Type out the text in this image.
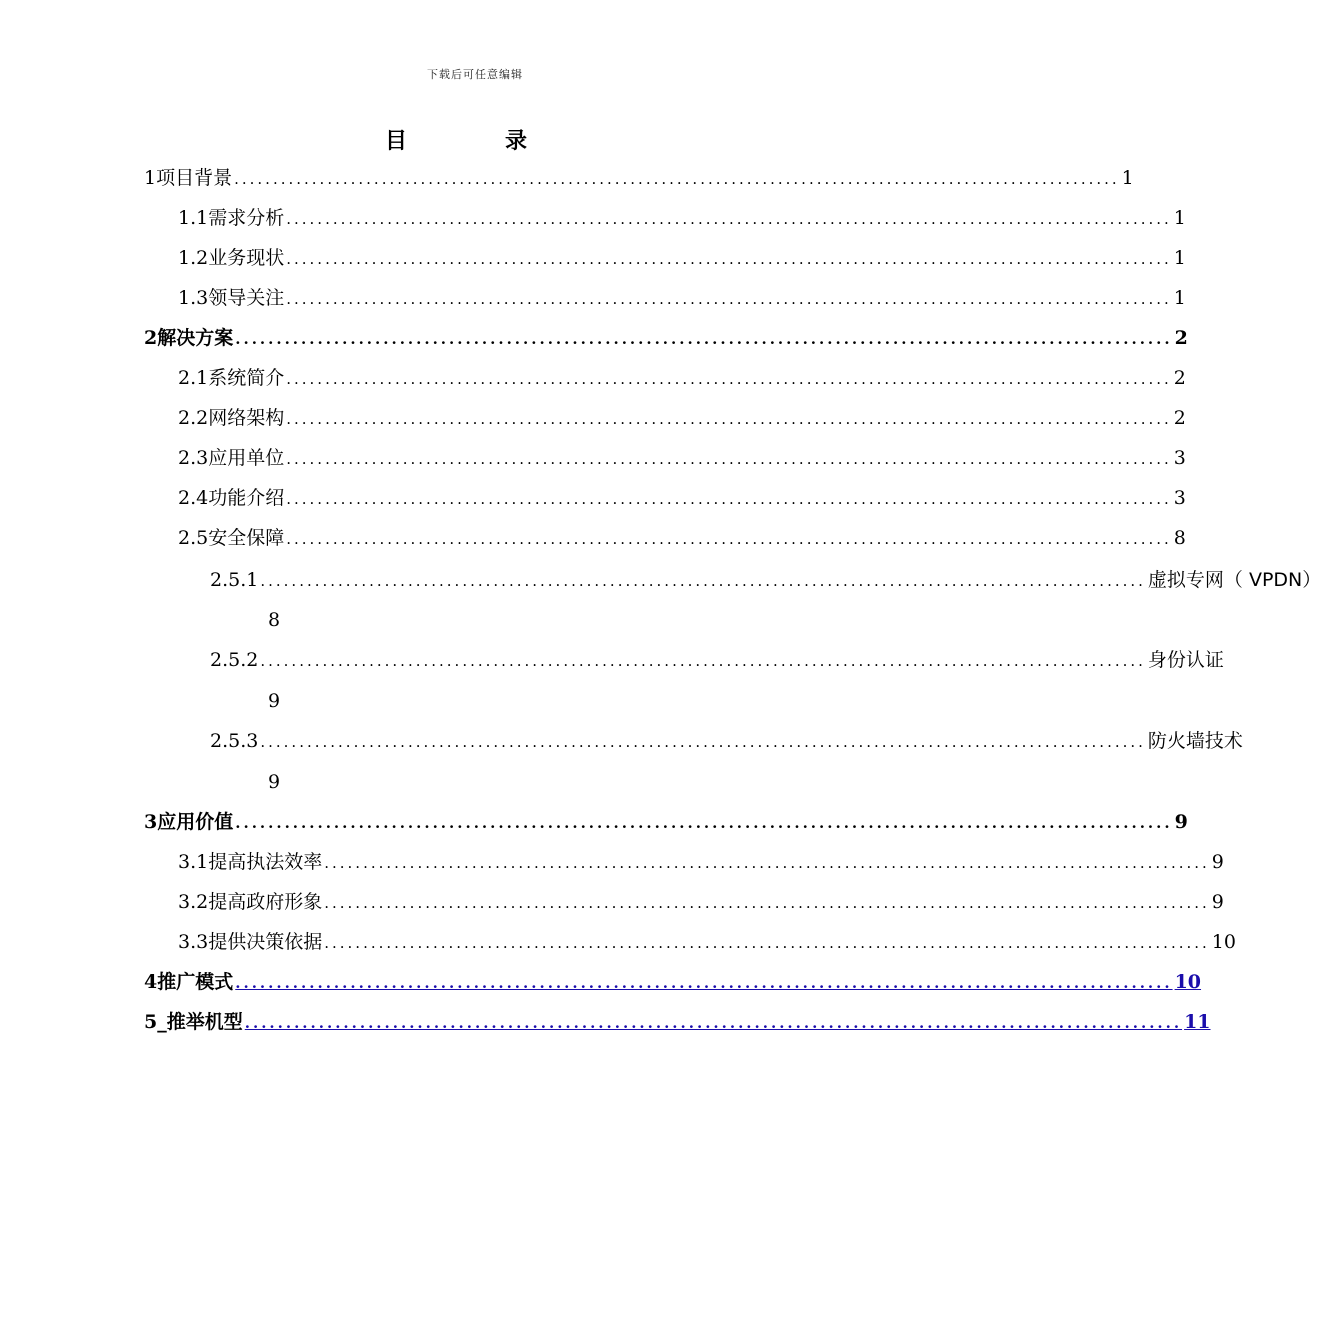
下载后可任意编辑
目　录
1 项目背景 .................................................................................................................. 1
1.1 需求分析 .................................................................................................................. 1
1.2 业务现状 .................................................................................................................. 1
1.3 领导关注 .................................................................................................................. 1
2 解决方案 .................................................................................................................. 2
2.1 系统简介 .................................................................................................................. 2
2.2 网络架构 .................................................................................................................. 2
2.3 应用单位 .................................................................................................................. 3
2.4 功能介绍 .................................................................................................................. 3
2.5 安全保障 .................................................................................................................. 8
2.5.1 .................................................................................................................. 虚拟专网（ VPDN）
8
2.5.2 .................................................................................................................. 身份认证
9
2.5.3 .................................................................................................................. 防火墙技术
9
3 应用价值 .................................................................................................................. 9
3.1 提高执法效率 .................................................................................................................. 9
3.2 提高政府形象 .................................................................................................................. 9
3.3 提供决策依据 .................................................................................................................. 10
4 推广模式 .................................................................................................................. 10
5_ 推举机型 .................................................................................................................. 11
